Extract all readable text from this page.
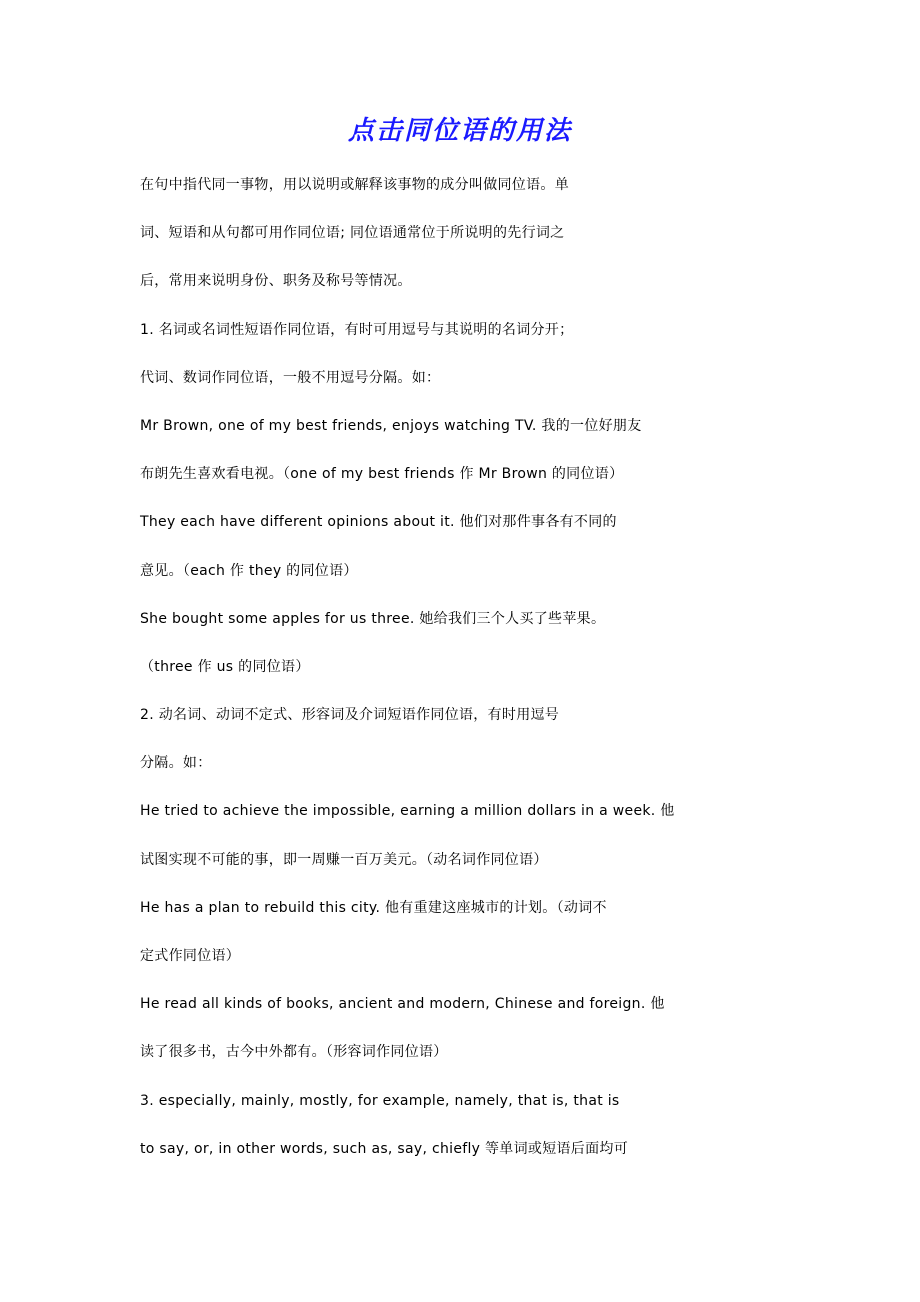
点击同位语的用法
在句中指代同一事物，用以说明或解释该事物的成分叫做同位语。单
词、短语和从句都可用作同位语; 同位语通常位于所说明的先行词之
后，常用来说明身份、职务及称号等情况。
1. 名词或名词性短语作同位语，有时可用逗号与其说明的名词分开；
代词、数词作同位语，一般不用逗号分隔。如：
Mr Brown, one of my best friends, enjoys watching TV. 我的一位好朋友
布朗先生喜欢看电视。（one of my best friends 作 Mr Brown 的同位语）
They each have different opinions about it. 他们对那件事各有不同的
意见。（each 作 they 的同位语）
She bought some apples for us three. 她给我们三个人买了些苹果。
（three 作 us 的同位语）
2. 动名词、动词不定式、形容词及介词短语作同位语，有时用逗号
分隔。如：
He tried to achieve the impossible, earning a million dollars in a week. 他
试图实现不可能的事，即一周赚一百万美元。（动名词作同位语）
He has a plan to rebuild this city. 他有重建这座城市的计划。（动词不
定式作同位语）
He read all kinds of books, ancient and modern, Chinese and foreign. 他
读了很多书，古今中外都有。（形容词作同位语）
3. especially, mainly, mostly, for example, namely, that is, that is
to say, or, in other words, such as, say, chiefly 等单词或短语后面均可
